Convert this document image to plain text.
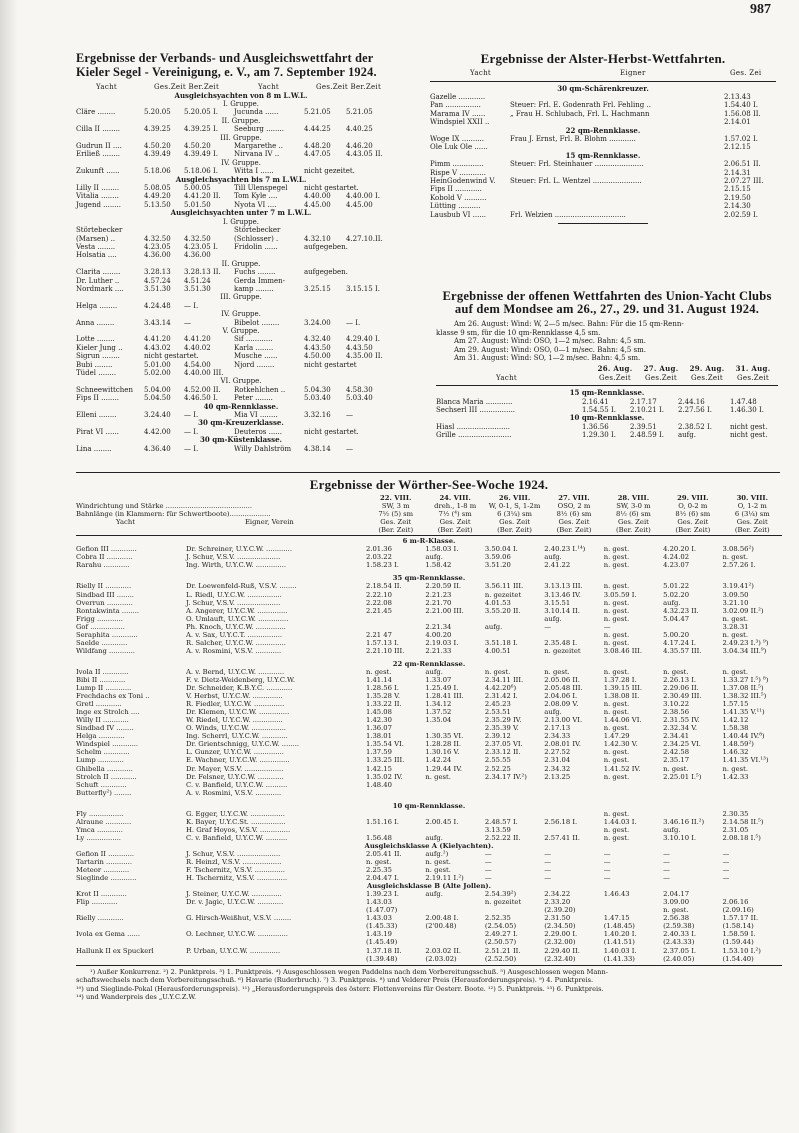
987
Ergebnisse der Verbands- und Ausgleichswettfahrt der Kieler Segel - Vereinigung, e. V., am 7. September 1924.
Yacht	Ges.Zeit Ber.Zeit	Yacht	Ges.Zeit Ber.Zeit
Ausgleichsyachten von 8 m L.W.L.					
I. Gruppe.					
Cläre ........	5.20.05	5.20.05 I.	Jucunda ......	5.21.05	5.21.05
II. Gruppe.					
Cilla II ........	4.39.25	4.39.25 I.	Seeburg ........	4.44.25	4.40.25
III. Gruppe.					
Gudrun II ....	4.50.20	4.50.20	Margarethe ..	4.48.20	4.46.20
Eriließ ........	4.39.49	4.39.49 I.	Nirvana IV ..	4.47.05	4.43.05 II.
IV. Gruppe.					
Zukunft ......	5.18.06	5.18.06 I.	Witta I ......	nicht gezeitet.	
Ausgleichsyachten bis 7 m L.W.L.					
Lilly II ........	5.08.05	5.00.05	Till Ulenspegel	nicht gestartet.	
Vitalia ........	4.49.20	4.41.20 II.	Tom Kyle ....	4.40.00	4.40.00 I.
Jugend ........	5.13.50	5.01.50	Nyota VI ....	4.45.00	4.45.00
Ausgleichsyachten unter 7 m L.W.L.					
I. Gruppe.					
Störtebecker			Störtebecker		
(Marsen) ..	4.32.50	4.32.50	(Schlosser) .	4.32.10	4.27.10.II.
Vesta ........	4.23.05	4.23.05 I.	Fridolin ......	aufgegeben.	
Holsatia ....	4.36.00	4.36.00			
II. Gruppe.					
Clarita ........	3.28.13	3.28.13 II.	Fuchs ........	aufgegeben.	
Dr. Luther ..	4.57.24	4.51.24	Gerda Immen-		
Nordmark ....	3.51.30	3.51.30	kamp ........	3.25.15	3.15.15 I.
III. Gruppe.					
Helga ........	4.24.48	— I.			
IV. Gruppe.					
Anna ........	3.43.14	—	Bibelot ........	3.24.00	— I.
V. Gruppe.					
Lotte ........	4.41.20	4.41.20	Sif ............	4.32.40	4.29.40 I.
Kieler Jung ..	4.43.02	4.40.02	Karla ........	4.43.50	4.43.50
Sigrun ........	nicht gestartet.		Musche ......	4.50.00	4.35.00 II.
Bubi ........	5.01.00	4.54.00	Njord ........	nicht gestartet	
Tüdel ........	5.02.00	4.40.00 III.			
VI. Gruppe.					
Schneewittchen	5.04.00	4.52.00 II.	Rotkehlchen ..	5.04.30	4.58.30
Fips II ........	5.04.50	4.46.50 I.	Peter ........	5.03.40	5.03.40
40 qm-Rennklasse.					
Elleni ........	3.24.40	— I.	Mia VI ........	3.32.16	—
30 qm-Kreuzerklasse.					
Pirat VI ......	4.42.00	— I.	Deuteros ......	nicht gestartet.	
30 qm-Küstenklasse.					
Lina ........	4.36.40	— I.	Willy Dahlström	4.38.14	—
Ergebnisse der Alster-Herbst-Wettfahrten.
Yacht	Eigner	Ges. Zei
30 qm-Schärenkreuzer.		
Gazelle ............		2.13.43
Pan ................	Steuer: Frl. E. Godenrath Frl. Fehling ..	1.54.40 I.
Marama IV ......	„ Frau H. Schlubach, Frl. L. Hachmann	1.56.08 II.
Windspiel XXII ..		2.14.01
22 qm-Rennklasse.		
Woge IX ..........	Frau J. Ernst, Frl. B. Blohm ............	1.57.02 I.
Ole Luk Ole ......		2.12.15
15 qm-Rennklasse.		
Pimm ..............	Steuer: Frl. Steinhauer ......................	2.06.51 II.
Rispe V ............		2.14.31
HeinGodenwind V.	Steuer: Frl. L. Wentzel ......................	2.07.27 III.
Fips II ............		2.15.15
Kobold V ..........		2.19.50
Lütting ..........		2.14.30
Lausbub VI ......	Frl. Welzien ................................	2.02.59 I.
Ergebnisse der offenen Wettfahrten des Union-Yacht Clubs
auf dem Mondsee am 26., 27., 29. und 31. August 1924.
Am 26. August: Wind: W, 2—5 m/sec. Bahn: Für die 15 qm-Renn-
klasse 9 sm, für die 10 qm-Rennklasse 4,5 sm.
Am 27. August: Wind: OSO, 1—2 m/sec. Bahn: 4,5 sm.
Am 29. August: Wind: OSO, 0—1 m/sec. Bahn: 4,5 sm.
Am 31. August: Wind: SO, 1—2 m/sec. Bahn: 4,5 sm.
26. Aug.	27. Aug.	29. Aug.	31. Aug.
Yacht	Ges.Zeit	Ges.Zeit	Ges.Zeit	Ges.Zeit
15 qm-Rennklasse.				
Blanca Maria ............	2.16.41	2.17.17	2.44.16	1.47.48
Sechserl III ................	1.54.55 I.	2.10.21 I.	2.27.56 I.	1.46.30 I.
10 qm-Rennklasse.				
Hiasl ........................	1.36.56	2.39.51	2.38.52 I.	nicht gest.
Grille ........................	1.29.30 I.	2.48.59 I.	aufg.	nicht gest.
Ergebnisse der Wörther-See-Woche 1924.
	22. VIII.	24. VIII.	26. VIII.	27. VIII.	28. VIII.	29. VIII.	30. VIII.
Windrichtung und Stärke ........................................	SW, 3 m	dreh., 1-8 m	W, 0-1, S, 1-2m	OSO, 2 m	SW, 3-0 m	O, 0-2 m	O, 1-2 m
Bahnlänge (in Klammern: für Schwertboote)...................	7½ (5) sm	7½ (⁴) sm	6 (3¼) sm	8½ (6) sm	8½ (6) sm	8½ (6) sm	6 (3¼) sm
Yacht Eigner, Verein	Ges. Zeit	Ges. Zeit	Ges. Zeit	Ges. Zeit	Ges. Zeit	Ges. Zeit	Ges. Zeit
	(Ber. Zeit)	(Ber. Zeit)	(Ber. Zeit)	(Ber. Zeit)	(Ber. Zeit)	(Ber. Zeit)	(Ber. Zeit)
6 m-R-Klasse.								
Gefion III ............	Dr. Schreiner, U.Y.C.W. ............	2.01.36	1.58.03 I.	3.50.04 I.	2.40.23 I.¹⁴)	n. gest.	4.20.20 I.	3.08.56²)
Cobra II ............	J. Schur, V.S.V. ....................	2.03.22	aufg.	3.59.06	aufg.	n. gest.	4.24.02	n. gest.
Rarahu ............	Ing. Wirth, U.Y.C.W. ..............	1.58.23 I.	1.58.42	3.51.20	2.41.22	n. gest.	4.23.07	2.57.26 I.

35 qm-Rennklasse.								
Rielly II ............	Dr. Loewenfeld-Ruß, V.S.V. ........	2.18.54 II.	2.20.59 II.	3.56.11 III.	3.13.13 III.	n. gest.	5.01.22	3.19.41²)
Sindbad III ........	L. Riedl, U.Y.C.W. ................	2.22.10	2.21.23	n. gezeitet	3.13.46 IV.	3.05.59 I.	5.02.20	3.09.50
Overrun ............	J. Schur, V.S.V. ....................	2.22.08	2.21.70	4.01.53	3.15.51	n. gest.	aufg.	3.21.10
Rontakwinta ........	A. Angerer, U.Y.C.W. ..............	2.21.45	2.21.00 III.	3.55.20 II.	3.10.14 II.	n. gest.	4.32.23 II.	3.02.09 II.²)
Frigg ............	O. Umlauft, U.Y.C.W. ..............				aufg.	n. gest.	5.04.47	n. gest.
Gof ................	Ph. Knoch, U.Y.C.W. ..............		2.21.34	aufg.	—	—		3.28.31
Seraphita ............	A. v. Sax, U.Y.C.T. ................	2.21 47	4.00.20			n. gest.	5.00.20	n. gest.
Saelde ............	R. Salcher, U.Y.C.W. ..............	1.57.13 I.	2.19.03 I.	3.51.18 I.	2.35.48 I.	n. gest.	4.17.24 I.	2.49.23 I.³) ⁹)
Wildfang ............	A. v. Rosmini, V.S.V. ............	2.21.10 III.	2.21.33	4.00.51	n. gezeitet	3.08.46 III.	4.35.57 III.	3.04.34 III.⁹)

22 qm-Rennklasse.								
Ivola II ............	A. v. Bernd, U.Y.C.W. ............	n. gest.	aufg.	n. gest.	n. gest.	n. gest.	n. gest.	n. gest.
Bibi II ............	F. v. Dietz-Weidenberg, U.Y.C.W.	1.41.14	1.33.07	2.34.11 III.	2.05.06 II.	1.37.28 I.	2.26.13 I.	1.33.27 I.⁵) ⁸)
Lump II ............	Dr. Schneider, K.B.Y.C. ............	1.28.56 I.	1.25.49 I.	4.42.20⁶)	2.05.48 III.	1.39.15 III.	2.29.06 II.	1.37.08 II.⁵)
Frechdachs ex Toni ..	V. Herbst, U.Y.C.W. ..............	1.35.28 V.	1.28.41 III.	2.31.42 I.	2.04.06 I.	1.38.08 II.	2.30.49 III.	1.38.32 III.⁵)
Gretl ............	R. Fiedler, U.Y.C.W. ..............	1.33.22 II.	1.34.12	2.45.23	2.08.09 V.	n. gest.	3.10.22	1.57.15
Inge ex Strolch ....	Dr. Klemen, U.Y.C.W. ..............	1.45.08	1.37.52	2.53.51	aufg.	n. gest.	2.38.56	1.41.35 V.¹¹)
Willy II ............	W. Riedel, U.Y.C.W. ..............	1.42.30	1.35.04	2.35.29 IV.	2.13.00 VI.	1.44.06 VI.	2.31.55 IV.	1.42.12
Sindbad IV ........	O. Winds, U.Y.C.W. ................	1.36.07		2.35.39 V.	2.17.13	n. gest.	2.32.34 V.	1.58.38
Helga ............	Ing. Scherrl, U.Y.C.W. ............	1.38.01	1.30.35 VI.	2.39.12	2.34.33	1.47.29	2.34.41	1.40.44 IV.⁸)
Windspiel ............	Dr. Grientschnigg, U.Y.C.W. ........	1.35.54 VI.	1.28.28 II.	2.37.05 VI.	2.08.01 IV.	1.42.30 V.	2.34.25 VI.	1.48.59²)
Schelm ............	L. Gunzer, U.Y.C.W. ..............	1.37.59	1.30.16 V.	2.33.12 II.	2.27.52	n. gest.	2.42.58	1.46.32
Lump ............	E. Wachner, U.Y.C.W. ..............	1.33.25 III.	1.42.24	2.55.55	2.31.04	n. gest.	2.35.17	1.41.35 VI.¹³)
Ghibella ............	Dr. Mayer, V.S.V. ..................	1.42.15	1.29.44 IV.	2.52.25	2.34.32	1.41.52 IV.	n. gest.	n. gest.
Strolch II ............	Dr. Felsner, U.Y.C.W. ............	1.35.02 IV.	n. gest.	2.34.17 IV.²)	2.13.25	n. gest.	2.25.01 I.⁵)	1.42.33
Schuft ............	C. v. Banfield, U.Y.C.W. ..........	1.48.40						
Butterfly²) ........	A. v. Rosmini, V.S.V. ............							

10 qm-Rennklasse.								
Fly ................	G. Egger, U.Y.C.W. ................					n. gest.		2.30.35
Alraune ............	K. Bayer, U.Y.C.St. ................	1.51.16 I.	2.00.45 I.	2.48.57 I.	2.56.18 I.	1.44.03 I.	3.46.16 II.²)	2.14.58 II.⁵)
Ymca ............	H. Graf Hoyos, V.S.V. ..............			3.13.59		n. gest.	aufg.	2.31.05
Ly ................	C. v. Banfield, U.Y.C.W. ..........	1.56.48	aufg.	2.52.22 II.	2.57.41 II.	n. gest.	3.10.10 I.	2.08.18 I.⁵)
Ausgleichsklasse A (Kielyachten).								
Gefion II ............	J. Schur, V.S.V. ....................	2.05.41 II.	aufg.²)	—	—	—	—	—
Tartarin ............	R. Heinzl, V.S.V. ..................	n. gest.	n. gest.	—	—	—	—	—
Meteor ............	F. Tschernitz, V.S.V. ..............	2.25.35	n. gest.	—	—	—	—	—
Sieglinde ............	H. Tschernitz, V.S.V. ..............	2.04.47 I.	2.19.11 I.²)	—	—	—	—	—
Ausgleichsklasse B (Alte Jollen).								
Krot II ............	J. Steiner, U.Y.C.W. ..............	1.39.23 I.	aufg.	2.54.39²)	2.34.22	1.46.43	2.04.17	
Flip ............	Dr. v. Jagic, U.Y.C.W. ............	1.43.03		n. gezeitet	2.33.20		3.09.00	2.06.16
		(1.47.07)			(2.39.20)		n. gest.	(2.09.16)
Rielly ............	G. Hirsch-Weißhut, V.S.V. ........	1.43.03	2.00.48 I.	2.52.35	2.31.50	1.47.15	2.56.38	1.57.17 II.
		(1.45.33)	(2'00.48)	(2.54.05)	(2.34.50)	(1.48.45)	(2.59.38)	(1.58.14)
Ivola ex Gema ......	O. Lechner, U.Y.C.W. ..............	1.43.19		2.49.27 I.	2.29.00 I.	1.40.20 I.	2.40.33 I.	1.58.59 I.
		(1.45.49)		(2.50.57)	(2.32.00)	(1.41.51)	(2.43.33)	(1.59.44)
Hallunk II ex Spuckerl	P. Urban, U.Y.C.W. ..............	1.37.18 II.	2.03.02 II.	2.51.21 II.	2.29.40 II.	1.40.03 I.	2.37.05 I.	1.53.10 I.²)
		(1.39.48)	(2.03.02)	(2.52.50)	(2.32.40)	(1.41.33)	(2.40.05)	(1.54.40)
¹) Außer Konkurrenz. ²) 2. Punktpreis. ³) 1. Punktpreis. ⁴) Ausgeschlossen wegen Paddelns nach dem Vorbereitungsschuß. ⁵) Ausgeschlossen wegen Mann-
schaftswechsels nach dem Vorbereitungsschuß. ⁶) Havarie (Ruderbruch). ⁷) 3. Punktpreis. ⁸) und Velderer Preis (Herausforderungspreis). ⁹) 4. Punktpreis.
¹⁰) und Sieglinde-Pokal (Herausforderungspreis). ¹¹) „Herausforderungspreis des österr. Flottenvereins für Oesterr. Boote. ¹²) 5. Punktpreis. ¹³) 6. Punktpreis.
¹⁴) und Wanderpreis des „U.Y.C.Z.W.
